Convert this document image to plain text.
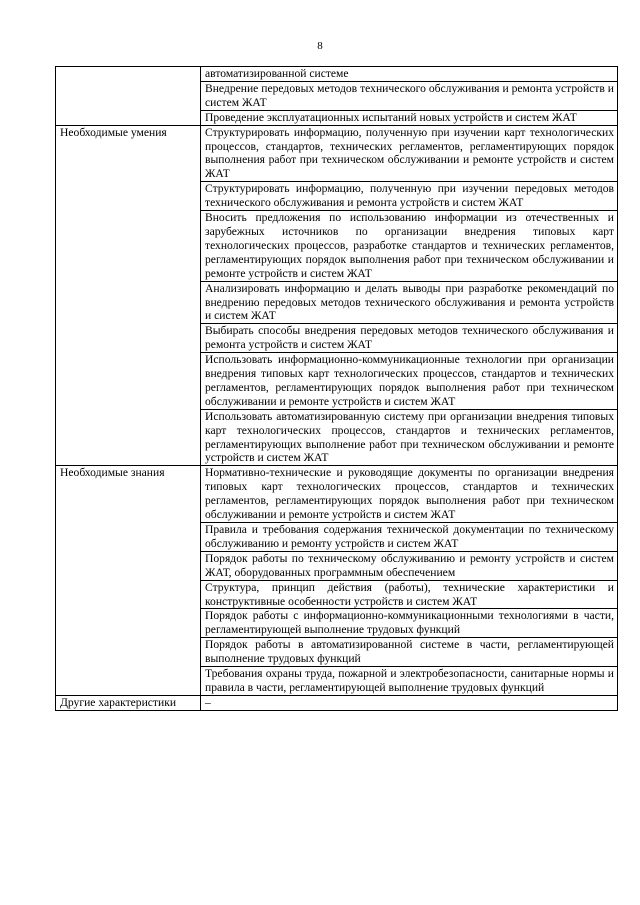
8
	автоматизированной системе
	Внедрение передовых методов технического обслуживания и ремонта устройств и систем ЖАТ
	Проведение эксплуатационных испытаний новых устройств и систем ЖАТ
Необходимые умения	Структурировать информацию, полученную при изучении карт технологических процессов, стандартов, технических регламентов, регламентирующих порядок выполнения работ при техническом обслуживании и ремонте устройств и систем ЖАТ
	Структурировать информацию, полученную при изучении передовых методов технического обслуживания и ремонта устройств и систем ЖАТ
	Вносить предложения по использованию информации из отечественных и зарубежных источников по организации внедрения типовых карт технологических процессов, разработке стандартов и технических регламентов, регламентирующих порядок выполнения работ при техническом обслуживании и ремонте устройств и систем ЖАТ
	Анализировать информацию и делать выводы при разработке рекомендаций по внедрению передовых методов технического обслуживания и ремонта устройств и систем ЖАТ
	Выбирать способы внедрения передовых методов технического обслуживания и ремонта устройств и систем ЖАТ
	Использовать информационно-коммуникационные технологии при организации внедрения типовых карт технологических процессов, стандартов и технических регламентов, регламентирующих порядок выполнения работ при техническом обслуживании и ремонте устройств и систем ЖАТ
	Использовать автоматизированную систему при организации внедрения типовых карт технологических процессов, стандартов и технических регламентов, регламентирующих выполнение работ при техническом обслуживании и ремонте устройств и систем ЖАТ
Необходимые знания	Нормативно-технические и руководящие документы по организации внедрения типовых карт технологических процессов, стандартов и технических регламентов, регламентирующих порядок выполнения работ при техническом обслуживании и ремонте устройств и систем ЖАТ
	Правила и требования содержания технической документации по техническому обслуживанию и ремонту устройств и систем ЖАТ
	Порядок работы по техническому обслуживанию и ремонту устройств и систем ЖАТ, оборудованных программным обеспечением
	Структура, принцип действия (работы), технические характеристики и конструктивные особенности устройств и систем ЖАТ
	Порядок работы с информационно-коммуникационными технологиями в части, регламентирующей выполнение трудовых функций
	Порядок работы в автоматизированной системе в части, регламентирующей выполнение трудовых функций
	Требования охраны труда, пожарной и электробезопасности, санитарные нормы и правила в части, регламентирующей выполнение трудовых функций
Другие характеристики	–
